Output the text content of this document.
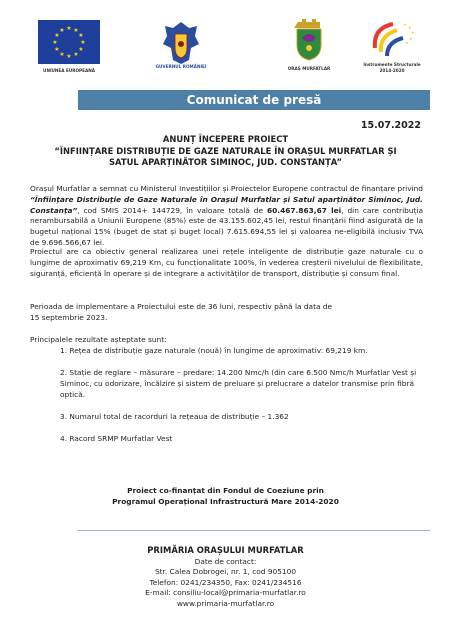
★ ★
★
★
★
★
★
★
★
★
★
★
UNIUNEA EUROPEANĂ
GUVERNUL ROMÂNIEI	ORAȘ MURFATLAR
★
★
★
★
★
Instrumente Structurale
2014-2020
Comunicat de presă
15.07.2022
ANUNȚ ÎNCEPERE PROIECT
“ÎNFIINȚARE DISTRIBUȚIE DE GAZE NATURALE ÎN ORAȘUL MURFATLAR ȘI
SATUL APARȚINĂTOR SIMINOC, JUD. CONSTANȚA”
Orașul Murfatlar a semnat cu Ministerul Investițiilor și Proiectelor Europene contractul de finanțare privind “Înființare Distribuție de Gaze Naturale în Orașul Murfatlar și Satul aparținător Siminoc, Jud. Constanța”, cod SMIS 2014+ 144729, în valoare totală de 60.467.863,67 lei, din care contribuția nerambursabilă a Uniunii Europene (85%) este de 43.155.602,45 lei, restul finanțării fiind asigurată de la bugetul național 15% (buget de stat și buget local) 7.615.694,55 lei și valoarea ne-eligibilă inclusiv TVA de 9.696.566,67 lei.
Proiectul are ca obiectiv general realizarea unei rețele inteligente de distribuție gaze naturale cu o lungime de aproximativ 69,219 Km, cu funcționalitate 100%, în vederea creșterii nivelului de flexibilitate, siguranță, eficiență în operare și de integrare a activităților de transport, distribuție și consum final.
Perioada de implementare a Proiectului este de 36 luni, respectiv până la data de
15 septembrie 2023.
Principalele rezultate așteptate sunt:
1. Rețea de distribuție gaze naturale (nouă) în lungime de aproximativ: 69,219 km.
2. Stație de reglare – măsurare – predare: 14.200 Nmc/h (din care 6.500 Nmc/h Murfatlar Vest și Siminoc, cu odorizare, încălzire și sistem de preluare și prelucrare a datelor transmise prin fibră optică.
3. Numarul total de racorduri la rețeaua de distribuție – 1.362
4. Racord SRMP Murfatlar Vest
Proiect co-finanțat din Fondul de Coeziune prin
Programul Operațional Infrastructură Mare 2014-2020
PRIMĂRIA ORAȘULUI MURFATLAR
Date de contact:
Str. Calea Dobrogei, nr. 1, cod 905100
Telefon: 0241/234350, Fax: 0241/234516
E-mail: consiliu-local@primaria-murfatlar.ro
www.primaria-murfatlar.ro
